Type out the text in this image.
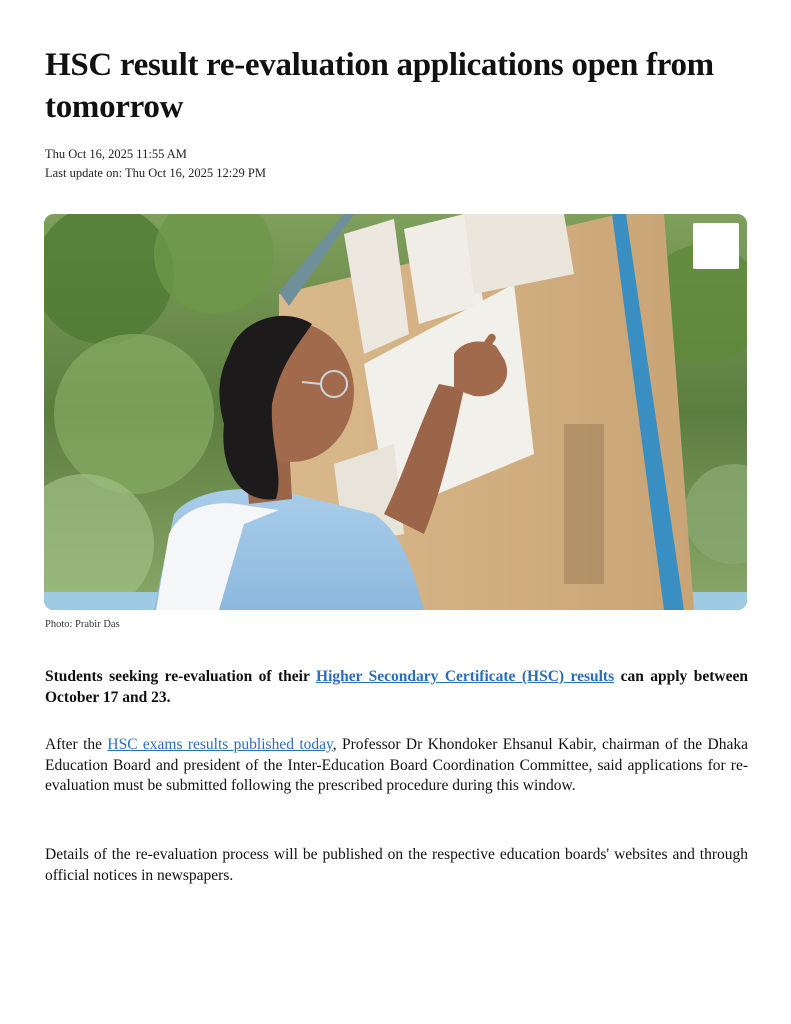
HSC result re-evaluation applications open from tomorrow
Thu Oct 16, 2025 11:55 AM
Last update on: Thu Oct 16, 2025 12:29 PM
Photo: Prabir Das

Students seeking re-evaluation of their Higher Secondary Certificate (HSC) results can apply between October 17 and 23.

After the HSC exams results published today, Professor Dr Khondoker Ehsanul Kabir, chairman of the Dhaka Education Board and president of the Inter-Education Board Coordination Committee, said applications for re-evaluation must be submitted following the prescribed procedure during this window.

Details of the re-evaluation process will be published on the respective education boards' websites and through official notices in newspapers.
